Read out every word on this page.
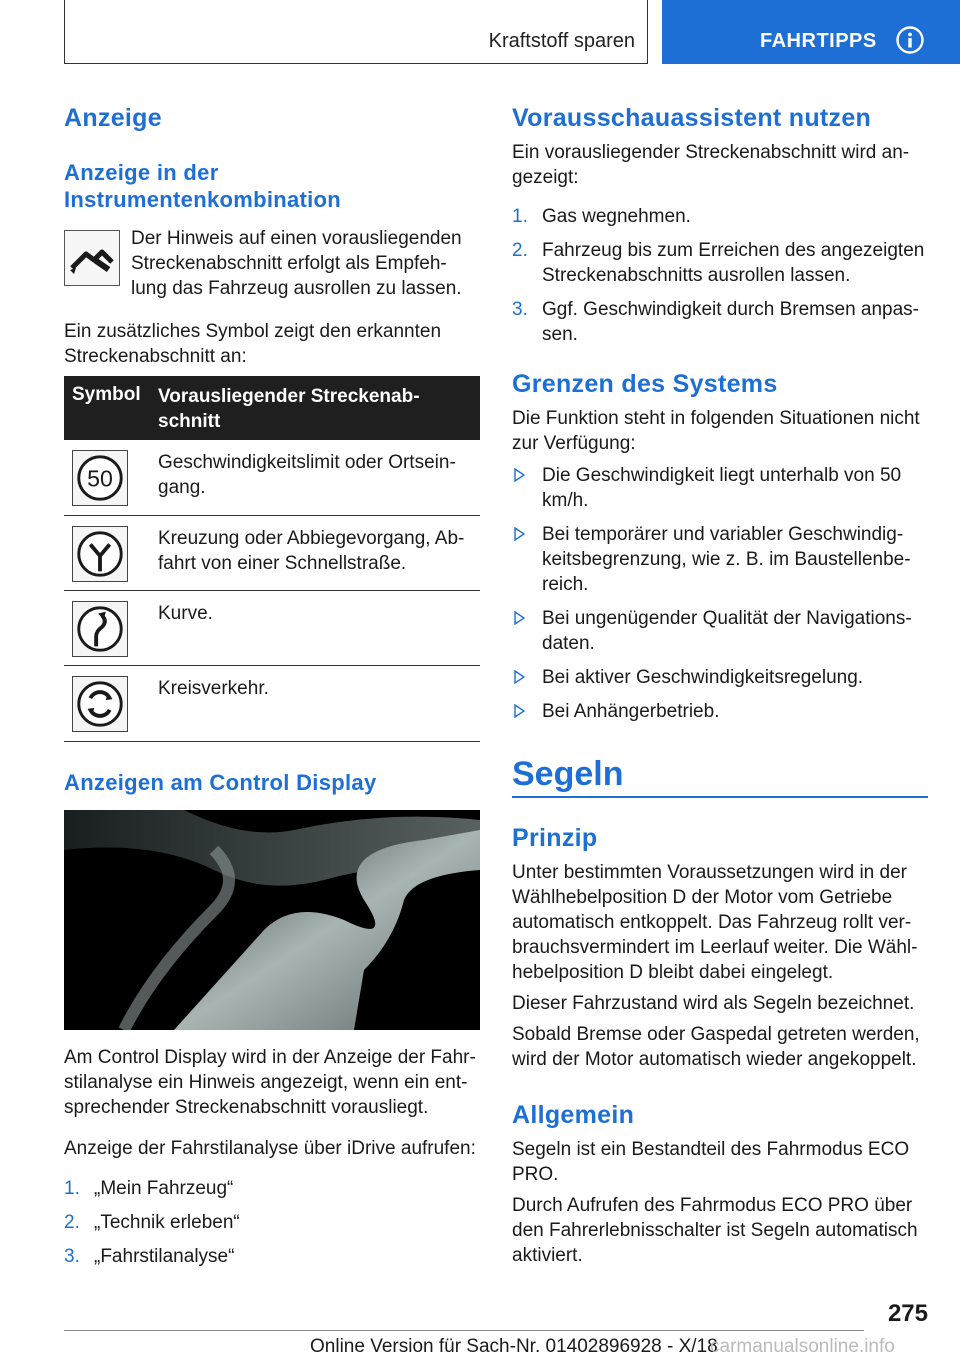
Kraftstoff sparen	FAHRTIPPS
Anzeige
Anzeige in der Instrumentenkombination

Der Hinweis auf einen vorausliegenden Streckenabschnitt erfolgt als Empfeh- lung das Fahrzeug ausrollen zu lassen.

Ein zusätzliches Symbol zeigt den erkannten Streckenabschnitt an:

Symbol Vorausliegender Streckenab- schnitt
50
Geschwindigkeitslimit oder Ortsein- gang.
Kreuzung oder Abbiegevorgang, Ab- fahrt von einer Schnellstraße.
Kurve.
Kreisverkehr.
Anzeigen am Control Display

Am Control Display wird in der Anzeige der Fahr- stilanalyse ein Hinweis angezeigt, wenn ein ent- sprechender Streckenabschnitt vorausliegt.

Anzeige der Fahrstilanalyse über iDrive aufrufen:

1. „Mein Fahrzeug“
2. „Technik erleben“
3. „Fahrstilanalyse“
Vorausschauassistent nutzen

Ein vorausliegender Streckenabschnitt wird an- gezeigt:

1. Gas wegnehmen.
2. Fahrzeug bis zum Erreichen des angezeigten Streckenabschnitts ausrollen lassen.
3. Ggf. Geschwindigkeit durch Bremsen anpas- sen.
Grenzen des Systems

Die Funktion steht in folgenden Situationen nicht zur Verfügung:

Die Geschwindigkeit liegt unterhalb von 50 km/h.
Bei temporärer und variabler Geschwindig- keitsbegrenzung, wie z. B. im Baustellenbe- reich.
Bei ungenügender Qualität der Navigations- daten.
Bei aktiver Geschwindigkeitsregelung.
Bei Anhängerbetrieb.
Segeln
Prinzip

Unter bestimmten Voraussetzungen wird in der Wählhebelposition D der Motor vom Getriebe automatisch entkoppelt. Das Fahrzeug rollt ver- brauchsvermindert im Leerlauf weiter. Die Wähl- hebelposition D bleibt dabei eingelegt.

Dieser Fahrzustand wird als Segeln bezeichnet.

Sobald Bremse oder Gaspedal getreten werden, wird der Motor automatisch wieder angekoppelt.

Allgemein

Segeln ist ein Bestandteil des Fahrmodus ECO PRO.

Durch Aufrufen des Fahrmodus ECO PRO über den Fahrerlebnisschalter ist Segeln automatisch aktiviert.

275
Online Version für Sach-Nr. 01402896928 - X/18
carmanualsonline.info
